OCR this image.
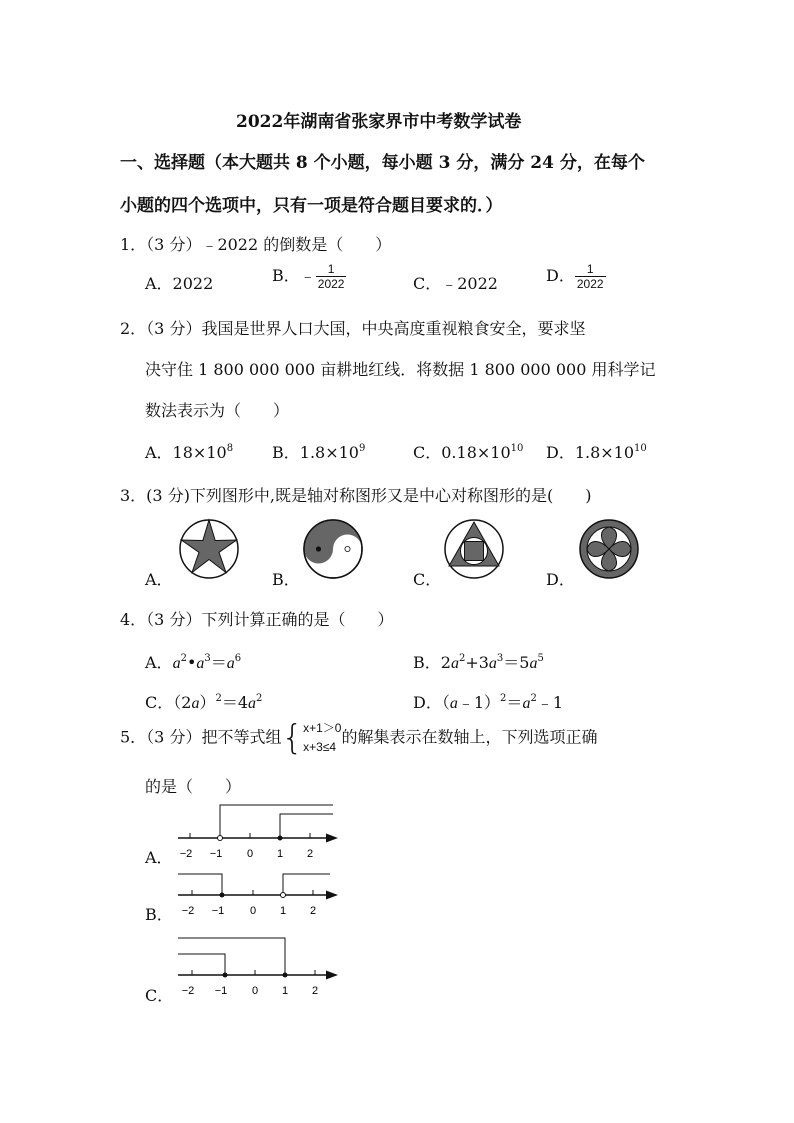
2022年湖南省张家界市中考数学试卷
一、选择题（本大题共 8 个小题，每小题 3 分，满分 24 分，在每个
小题的四个选项中，只有一项是符合题目要求的．）
1．（3 分）﹣2022 的倒数是（　　）
A．2022	B．﹣ $\frac{1}{2022}$	C．﹣2022	D． $\frac{1}{2022}$
2．（3 分）我国是世界人口大国，中央高度重视粮食安全，要求坚
决守住 1 800 000 000 亩耕地红线．将数据 1 800 000 000 用科学记
数法表示为（　　）
A．$18\times 10^8$ B．$1.8\times 10^9$	C．$0.18\times 10^{10}$ D．$1.8\times 10^{10}$
3．(3 分)下列图形中,既是轴对称图形又是中心对称图形的是(　　)
A．	B．	C．	D．
4．（3 分）下列计算正确的是（　　）
A．$a^2•a^3=a^6$	B．$2a^2+3a^3=5a^5$
C．$(2a)^2=4a^2$	D．$(a﹣1)^2=a^2﹣1$
5．（3 分）把不等式组{ x+1＞0
x+3≤4
的解集表示在数轴上，下列选项正确
的是（　　）
A． −2 −1 0 1 2
B． −2 −1 0 1 2
C． −2 −1 0 1 2
